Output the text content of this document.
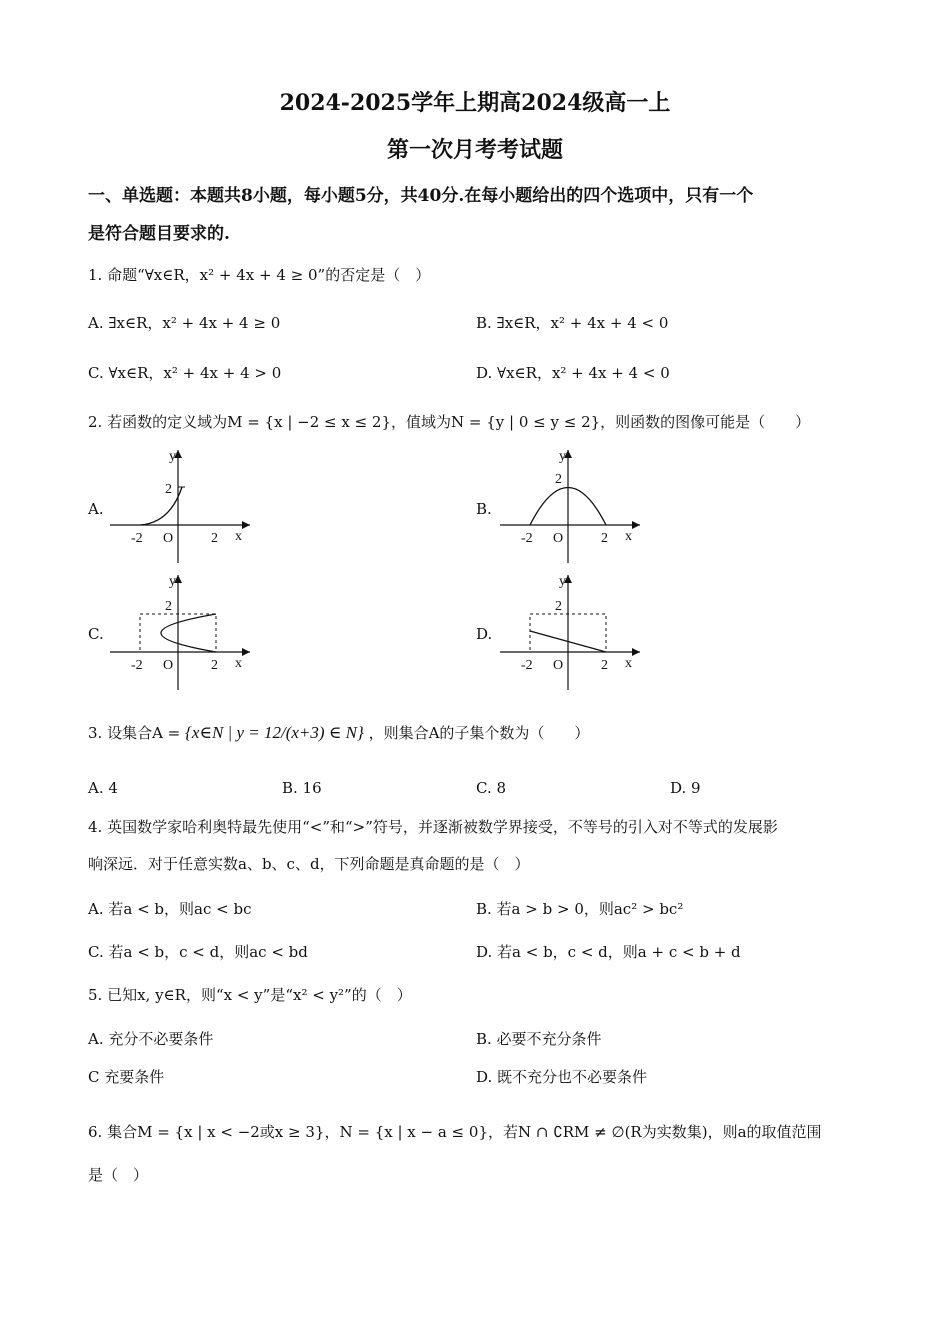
2024-2025学年上期高2024级高一上
第一次月考考试题
一、单选题：本题共8小题，每小题5分，共40分.在每小题给出的四个选项中，只有一个
是符合题目要求的.
1. 命题“∀x∈R，x² + 4x + 4 ≥ 0”的否定是（　）
A. ∃x∈R，x² + 4x + 4 ≥ 0	B. ∃x∈R，x² + 4x + 4 < 0
C. ∀x∈R，x² + 4x + 4 > 0	D. ∀x∈R，x² + 4x + 4 < 0
2. 若函数的定义域为M = {x | −2 ≤ x ≤ 2}，值域为N = {y | 0 ≤ y ≤ 2}，则函数的图像可能是（　　）
A.	B.
C.	D.
y
x
O
-2	2
2
y
x
O
-2	2
2
y
x
O
-2	2
2
y
x
O
-2	2
2
3. 设集合A = {x∈N | y = 12/(x+3) ∈ N} ，则集合A的子集个数为（　　）
A. 4	B. 16	C. 8	D. 9
4. 英国数学家哈利奥特最先使用“<”和“>”符号，并逐渐被数学界接受，不等号的引入对不等式的发展影
响深远．对于任意实数a、b、c、d，下列命题是真命题的是（　）
A. 若a < b，则ac < bc	B. 若a > b > 0，则ac² > bc²
C. 若a < b，c < d，则ac < bd	D. 若a < b，c < d，则a + c < b + d
5. 已知x, y∈R，则“x < y”是“x² < y²”的（　）
A. 充分不必要条件	B. 必要不充分条件
C 充要条件	D. 既不充分也不必要条件
6. 集合M = {x | x < −2或x ≥ 3}，N = {x | x − a ≤ 0}，若N ∩ ∁RM ≠ ∅(R为实数集)，则a的取值范围
是（　）
